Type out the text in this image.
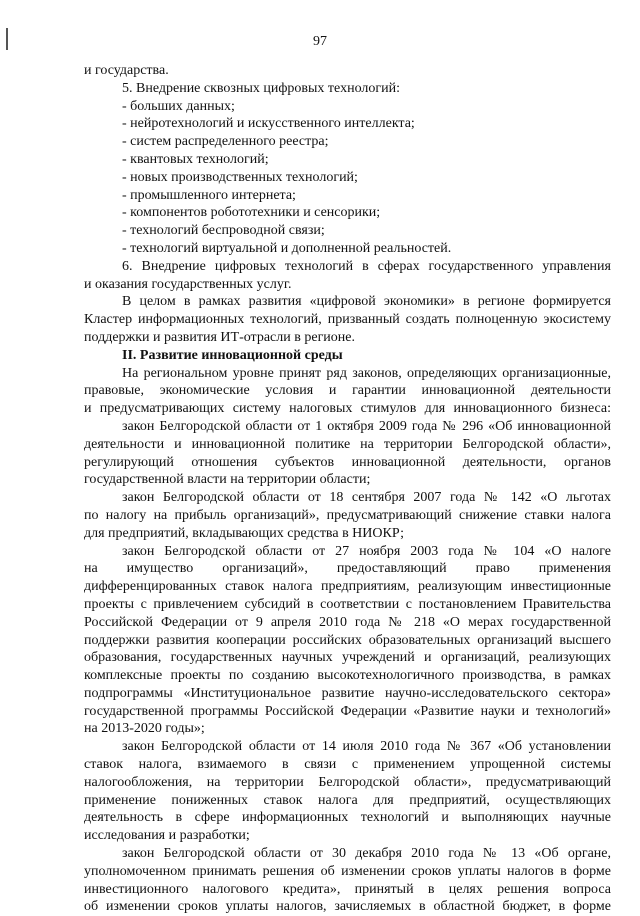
97
и государства.
5. Внедрение сквозных цифровых технологий:
- больших данных;
- нейротехнологий и искусственного интеллекта;
- систем распределенного реестра;
- квантовых технологий;
- новых производственных технологий;
- промышленного интернета;
- компонентов робототехники и сенсорики;
- технологий беспроводной связи;
- технологий виртуальной и дополненной реальностей.
6. Внедрение цифровых технологий в сферах государственного управления
и оказания государственных услуг.
В целом в рамках развития «цифровой экономики» в регионе формируется
Кластер информационных технологий, призванный создать полноценную экосистему
поддержки и развития ИТ-отрасли в регионе.
II. Развитие инновационной среды
На региональном уровне принят ряд законов, определяющих организационные,
правовые, экономические условия и гарантии инновационной деятельности
и предусматривающих систему налоговых стимулов для инновационного бизнеса:
закон Белгородской области от 1 октября 2009 года № 296 «Об инновационной
деятельности и инновационной политике на территории Белгородской области»,
регулирующий отношения субъектов инновационной деятельности, органов
государственной власти на территории области;
закон Белгородской области от 18 сентября 2007 года № 142 «О льготах
по налогу на прибыль организаций», предусматривающий снижение ставки налога
для предприятий, вкладывающих средства в НИОКР;
закон Белгородской области от 27 ноября 2003 года № 104 «О налоге
на имущество организаций», предоставляющий право применения
дифференцированных ставок налога предприятиям, реализующим инвестиционные
проекты с привлечением субсидий в соответствии с постановлением Правительства
Российской Федерации от 9 апреля 2010 года № 218 «О мерах государственной
поддержки развития кооперации российских образовательных организаций высшего
образования, государственных научных учреждений и организаций, реализующих
комплексные проекты по созданию высокотехнологичного производства, в рамках
подпрограммы «Институциональное развитие научно-исследовательского сектора»
государственной программы Российской Федерации «Развитие науки и технологий»
на 2013-2020 годы»;
закон Белгородской области от 14 июля 2010 года № 367 «Об установлении
ставок налога, взимаемого в связи с применением упрощенной системы
налогообложения, на территории Белгородской области», предусматривающий
применение пониженных ставок налога для предприятий, осуществляющих
деятельность в сфере информационных технологий и выполняющих научные
исследования и разработки;
закон Белгородской области от 30 декабря 2010 года № 13 «Об органе,
уполномоченном принимать решения об изменении сроков уплаты налогов в форме
инвестиционного налогового кредита», принятый в целях решения вопроса
об изменении сроков уплаты налогов, зачисляемых в областной бюджет, в форме
